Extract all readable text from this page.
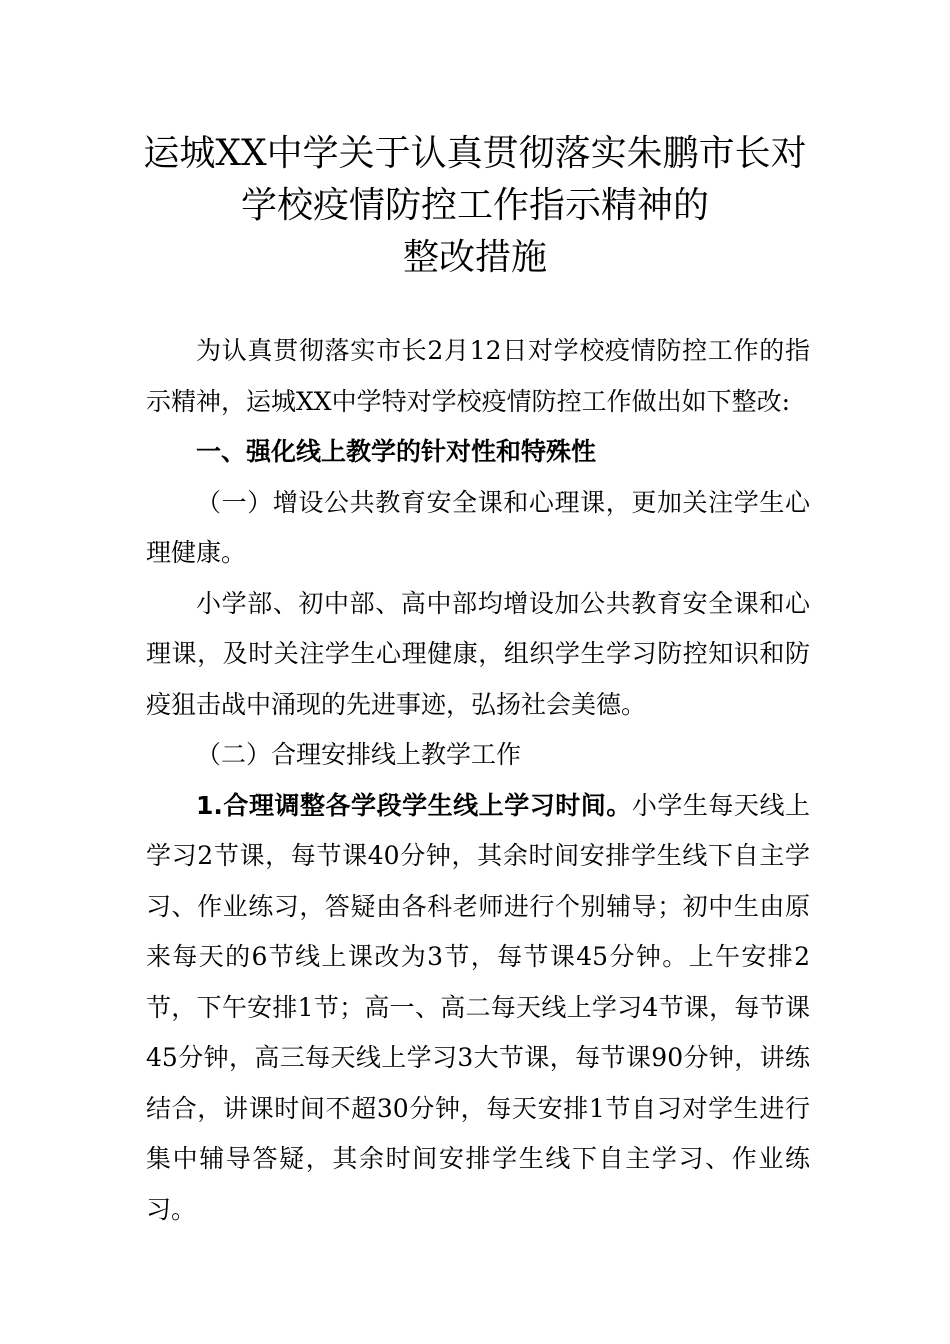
运城XX中学关于认真贯彻落实朱鹏市长对
学校疫情防控工作指示精神的
整改措施

为认真贯彻落实市长2月12日对学校疫情防控工作的指示精神，运城XX中学特对学校疫情防控工作做出如下整改:

一、强化线上教学的针对性和特殊性

（一）增设公共教育安全课和心理课，更加关注学生心理健康。

小学部、初中部、高中部均增设加公共教育安全课和心理课，及时关注学生心理健康，组织学生学习防控知识和防疫狙击战中涌现的先进事迹，弘扬社会美德。

（二）合理安排线上教学工作

1.合理调整各学段学生线上学习时间。小学生每天线上学习2节课，每节课40分钟，其余时间安排学生线下自主学习、作业练习，答疑由各科老师进行个别辅导；初中生由原来每天的6节线上课改为3节，每节课45分钟。上午安排2节，下午安排1节；高一、高二每天线上学习4节课，每节课45分钟，高三每天线上学习3大节课，每节课90分钟，讲练结合，讲课时间不超30分钟，每天安排1节自习对学生进行集中辅导答疑，其余时间安排学生线下自主学习、作业练习。
